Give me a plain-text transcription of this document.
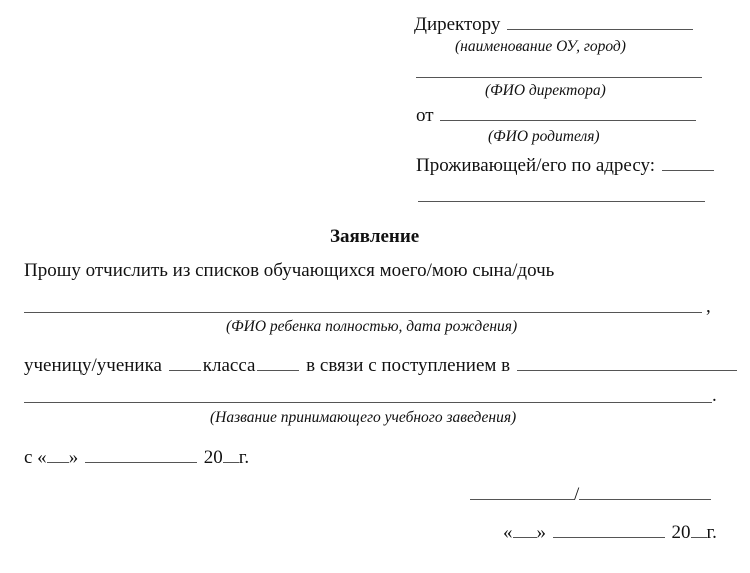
Директору
(наименование ОУ, город)
(ФИО директора)
от
(ФИО родителя)
Проживающей/его по адресу:
Заявление
Прошу отчислить из списков обучающихся моего/мою сына/дочь
,
(ФИО ребенка полностью, дата рождения)
ученицу/ученика класса	в связи с поступлением в
.
(Название принимающего учебного заведения)
с « »	20 г.
/
« »	20 г.
